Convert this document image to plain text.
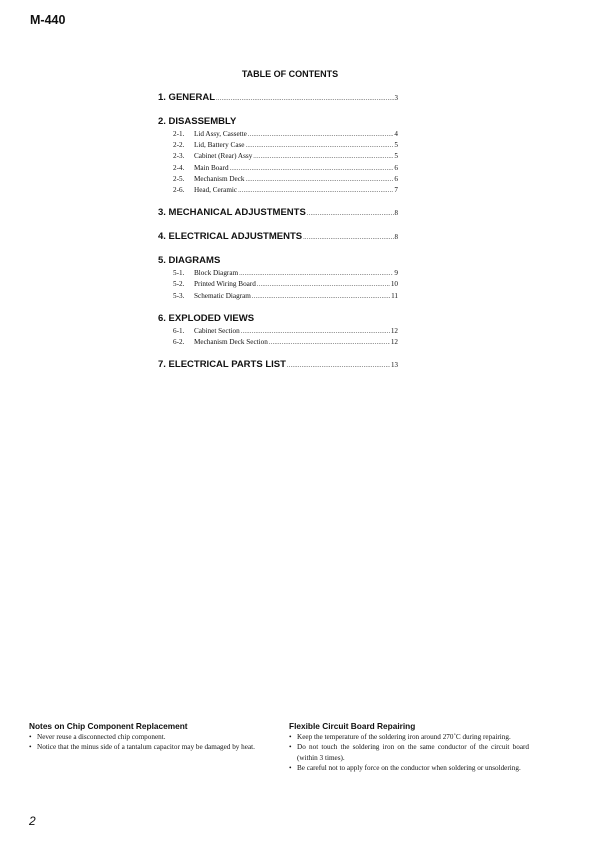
M-440
TABLE OF CONTENTS
1. GENERAL .....	3
2. DISASSEMBLY
2-1.	Lid Assy, Cassette .....	4
2-2.	Lid, Battery Case .....	5
2-3.	Cabinet (Rear) Assy .....	5
2-4.	Main Board .....	6
2-5.	Mechanism Deck .....	6
2-6.	Head, Ceramic .....	7
3. MECHANICAL ADJUSTMENTS .....	8
4. ELECTRICAL ADJUSTMENTS .....	8
5. DIAGRAMS
5-1.	Block Diagram .....	9
5-2.	Printed Wiring Board .....	10
5-3.	Schematic Diagram .....	11
6. EXPLODED VIEWS
6-1.	Cabinet Section .....	12
6-2.	Mechanism Deck Section .....	12
7. ELECTRICAL PARTS LIST .....	13
Notes on Chip Component Replacement
• Never reuse a disconnected chip component.
• Notice that the minus side of a tantalum capacitor may be damaged by heat.
Flexible Circuit Board Repairing
• Keep the temperature of the soldering iron around 270˚C during repairing.
• Do not touch the soldering iron on the same conductor of the circuit board (within 3 times).
• Be careful not to apply force on the conductor when soldering or unsoldering.
2
